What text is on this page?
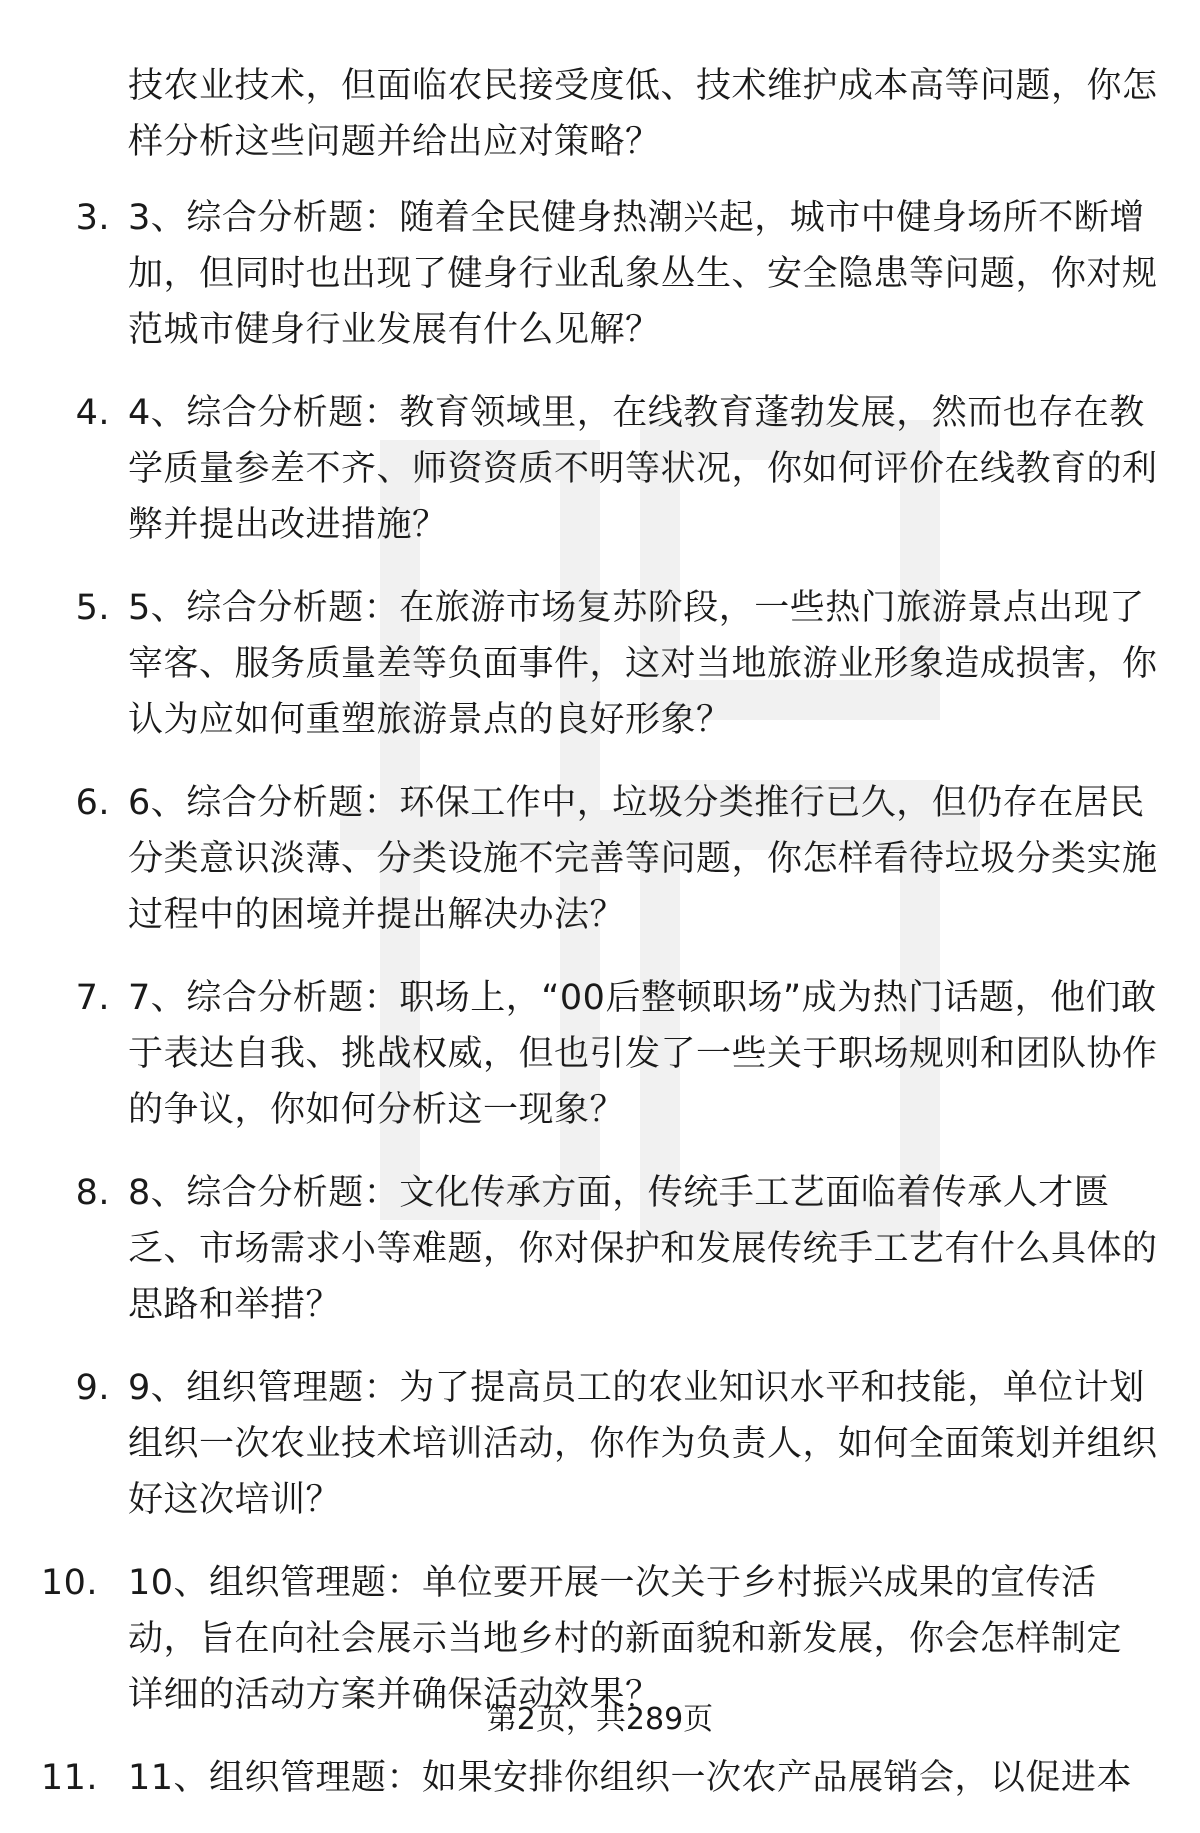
技农业技术，但面临农民接受度低、技术维护成本高等问题，你怎样分析这些问题并给出应对策略？
3. 3、综合分析题：随着全民健身热潮兴起，城市中健身场所不断增加，但同时也出现了健身行业乱象丛生、安全隐患等问题，你对规范城市健身行业发展有什么见解？
4. 4、综合分析题：教育领域里，在线教育蓬勃发展，然而也存在教学质量参差不齐、师资资质不明等状况，你如何评价在线教育的利弊并提出改进措施？
5. 5、综合分析题：在旅游市场复苏阶段，一些热门旅游景点出现了宰客、服务质量差等负面事件，这对当地旅游业形象造成损害，你认为应如何重塑旅游景点的良好形象？
6. 6、综合分析题：环保工作中，垃圾分类推行已久，但仍存在居民分类意识淡薄、分类设施不完善等问题，你怎样看待垃圾分类实施过程中的困境并提出解决办法？
7. 7、综合分析题：职场上，“00后整顿职场”成为热门话题，他们敢于表达自我、挑战权威，但也引发了一些关于职场规则和团队协作的争议，你如何分析这一现象？
8. 8、综合分析题：文化传承方面，传统手工艺面临着传承人才匮乏、市场需求小等难题，你对保护和发展传统手工艺有什么具体的思路和举措？
9. 9、组织管理题：为了提高员工的农业知识水平和技能，单位计划组织一次农业技术培训活动，你作为负责人，如何全面策划并组织好这次培训？
10. 10、组织管理题：单位要开展一次关于乡村振兴成果的宣传活动，旨在向社会展示当地乡村的新面貌和新发展，你会怎样制定详细的活动方案并确保活动效果？
11. 11、组织管理题：如果安排你组织一次农产品展销会，以促进本
第2页，共289页
